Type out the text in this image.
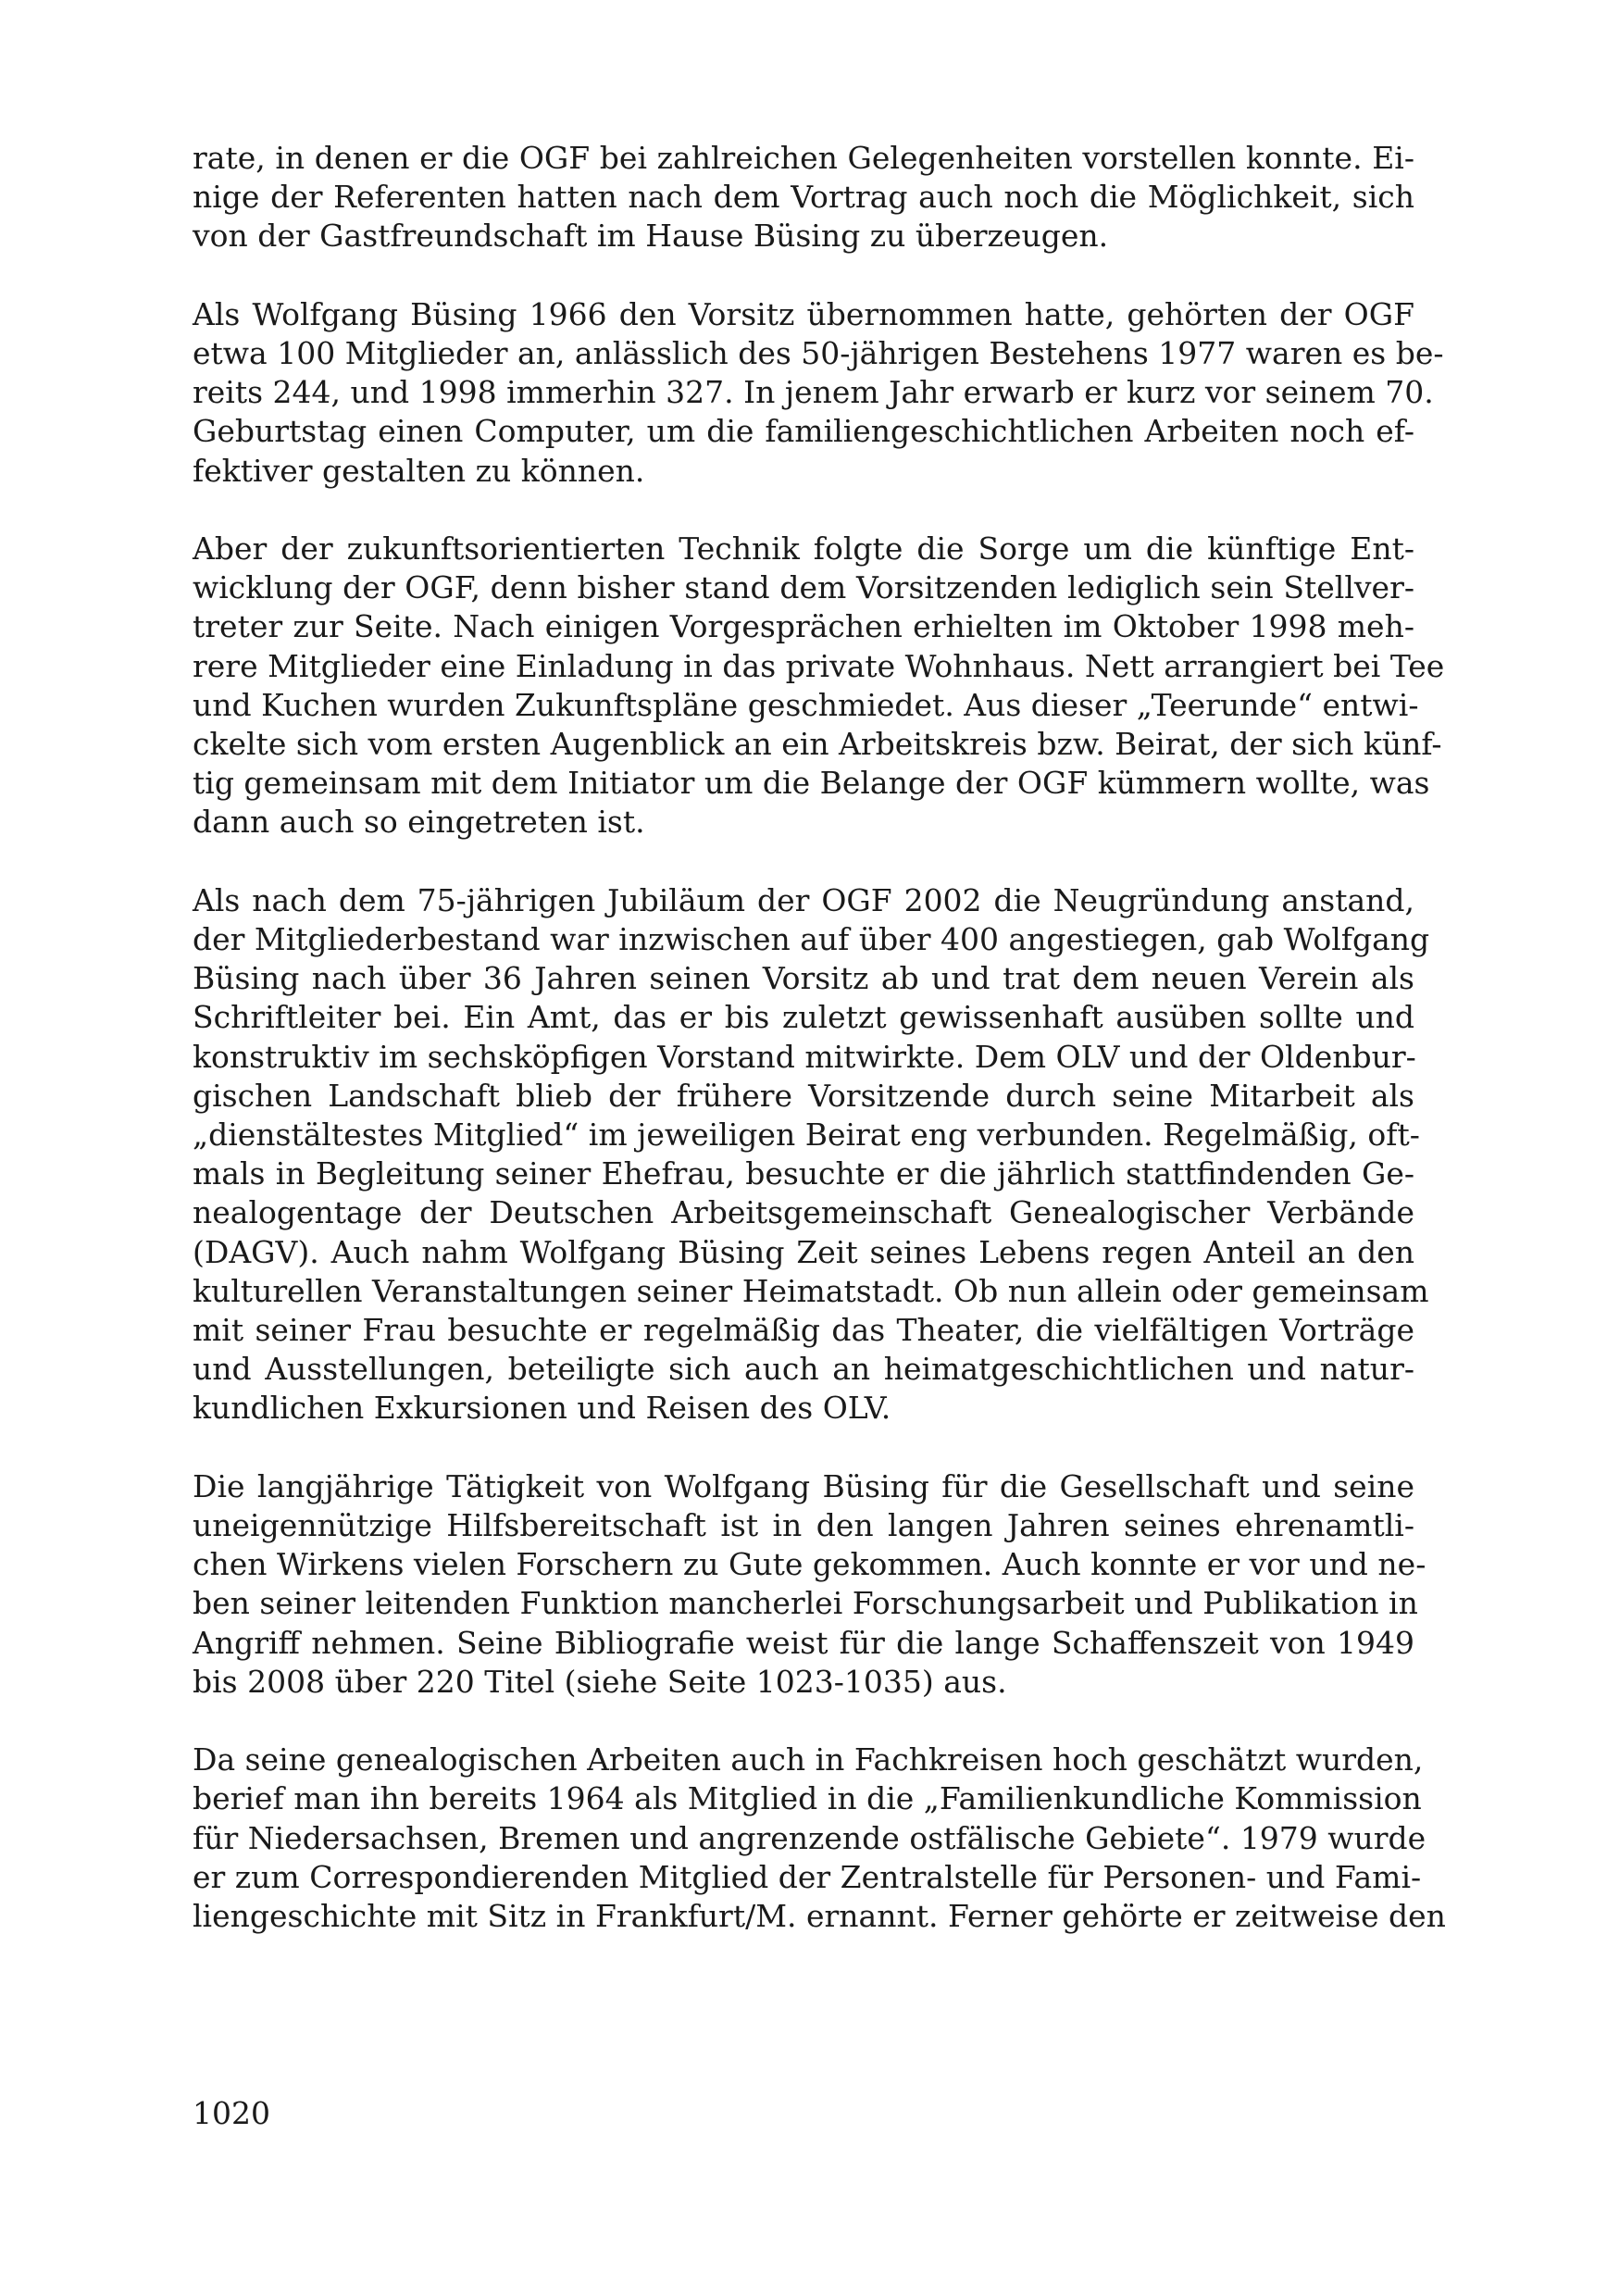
rate, in denen er die OGF bei zahlreichen Gelegenheiten vorstellen konnte. Ei-
nige der Referenten hatten nach dem Vortrag auch noch die Möglichkeit, sich
von der Gastfreundschaft im Hause Büsing zu überzeugen.
Als Wolfgang Büsing 1966 den Vorsitz übernommen hatte, gehörten der OGF
etwa 100 Mitglieder an, anlässlich des 50-jährigen Bestehens 1977 waren es be-
reits 244, und 1998 immerhin 327. In jenem Jahr erwarb er kurz vor seinem 70.
Geburtstag einen Computer, um die familiengeschichtlichen Arbeiten noch ef-
fektiver gestalten zu können.
Aber der zukunftsorientierten Technik folgte die Sorge um die künftige Ent-
wicklung der OGF, denn bisher stand dem Vorsitzenden lediglich sein Stellver-
treter zur Seite. Nach einigen Vorgesprächen erhielten im Oktober 1998 meh-
rere Mitglieder eine Einladung in das private Wohnhaus. Nett arrangiert bei Tee
und Kuchen wurden Zukunftspläne geschmiedet. Aus dieser „Teerunde“ entwi-
ckelte sich vom ersten Augenblick an ein Arbeitskreis bzw. Beirat, der sich künf-
tig gemeinsam mit dem Initiator um die Belange der OGF kümmern wollte, was
dann auch so eingetreten ist.
Als nach dem 75-jährigen Jubiläum der OGF 2002 die Neugründung anstand,
der Mitgliederbestand war inzwischen auf über 400 angestiegen, gab Wolfgang
Büsing nach über 36 Jahren seinen Vorsitz ab und trat dem neuen Verein als
Schriftleiter bei. Ein Amt, das er bis zuletzt gewissenhaft ausüben sollte und
konstruktiv im sechsköpfigen Vorstand mitwirkte. Dem OLV und der Oldenbur-
gischen Landschaft blieb der frühere Vorsitzende durch seine Mitarbeit als
„dienstältestes Mitglied“ im jeweiligen Beirat eng verbunden. Regelmäßig, oft-
mals in Begleitung seiner Ehefrau, besuchte er die jährlich stattfindenden Ge-
nealogentage der Deutschen Arbeitsgemeinschaft Genealogischer Verbände
(DAGV). Auch nahm Wolfgang Büsing Zeit seines Lebens regen Anteil an den
kulturellen Veranstaltungen seiner Heimatstadt. Ob nun allein oder gemeinsam
mit seiner Frau besuchte er regelmäßig das Theater, die vielfältigen Vorträge
und Ausstellungen, beteiligte sich auch an heimatgeschichtlichen und natur-
kundlichen Exkursionen und Reisen des OLV.
Die langjährige Tätigkeit von Wolfgang Büsing für die Gesellschaft und seine
uneigennützige Hilfsbereitschaft ist in den langen Jahren seines ehrenamtli-
chen Wirkens vielen Forschern zu Gute gekommen. Auch konnte er vor und ne-
ben seiner leitenden Funktion mancherlei Forschungsarbeit und Publikation in
Angriff nehmen. Seine Bibliografie weist für die lange Schaffenszeit von 1949
bis 2008 über 220 Titel (siehe Seite 1023-1035) aus.
Da seine genealogischen Arbeiten auch in Fachkreisen hoch geschätzt wurden,
berief man ihn bereits 1964 als Mitglied in die „Familienkundliche Kommission
für Niedersachsen, Bremen und angrenzende ostfälische Gebiete“. 1979 wurde
er zum Correspondierenden Mitglied der Zentralstelle für Personen- und Fami-
liengeschichte mit Sitz in Frankfurt/M. ernannt. Ferner gehörte er zeitweise den
1020
